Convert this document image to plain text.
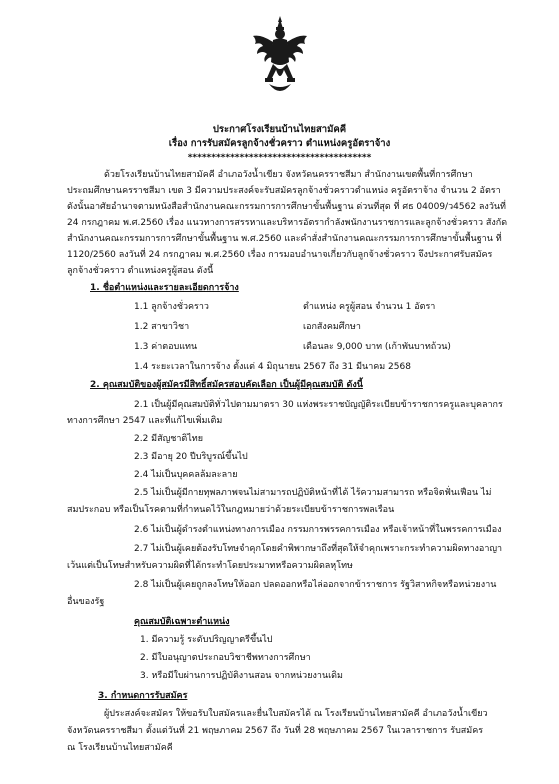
ประกาศโรงเรียนบ้านไทยสามัคคี
เรื่อง การรับสมัครลูกจ้างชั่วคราว ตำแหน่งครูอัตราจ้าง
***************************************
ด้วยโรงเรียนบ้านไทยสามัคคี อำเภอวังน้ำเขียว จังหวัดนครราชสีมา สำนักงานเขตพื้นที่การศึกษา
ประถมศึกษานครราชสีมา เขต 3 มีความประสงค์จะรับสมัครลูกจ้างชั่วคราวตำแหน่ง ครูอัตราจ้าง จำนวน 2 อัตรา
ดังนั้นอาศัยอำนาจตามหนังสือสำนักงานคณะกรรมการการศึกษาขั้นพื้นฐาน ด่วนที่สุด ที่ ศธ 04009/ว4562 ลงวันที่
24 กรกฎาคม พ.ศ.2560 เรื่อง แนวทางการสรรหาและบริหารอัตรากำลังพนักงานราชการและลูกจ้างชั่วคราว สังกัด
สำนักงานคณะกรรมการการศึกษาขั้นพื้นฐาน พ.ศ.2560 และคำสั่งสำนักงานคณะกรรมการการศึกษาขั้นพื้นฐาน ที่
1120/2560 ลงวันที่ 24 กรกฎาคม พ.ศ.2560 เรื่อง การมอบอำนาจเกี่ยวกับลูกจ้างชั่วคราว จึงประกาศรับสมัคร
ลูกจ้างชั่วคราว ตำแหน่งครูผู้สอน ดังนี้
1. ชื่อตำแหน่งและรายละเอียดการจ้าง
1.1 ลูกจ้างชั่วคราว	ตำแหน่ง ครูผู้สอน จำนวน 1 อัตรา
1.2 สาขาวิชา	เอกสังคมศึกษา
1.3 ค่าตอบแทน	เดือนละ 9,000 บาท (เก้าพันบาทถ้วน)
1.4 ระยะเวลาในการจ้าง ตั้งแต่ 4 มิถุนายน 2567 ถึง 31 มีนาคม 2568
2. คุณสมบัติของผู้สมัครมีสิทธิ์สมัครสอบคัดเลือก เป็นผู้มีคุณสมบัติ ดังนี้
2.1 เป็นผู้มีคุณสมบัติทั่วไปตามมาตรา 30 แห่งพระราชบัญญัติระเบียบข้าราชการครูและบุคลากร
ทางการศึกษา 2547 และที่แก้ไขเพิ่มเติม
2.2 มีสัญชาติไทย
2.3 มีอายุ 20 ปีบริบูรณ์ขึ้นไป
2.4 ไม่เป็นบุคคลล้มละลาย
2.5 ไม่เป็นผู้มีกายทุพลภาพจนไม่สามารถปฏิบัติหน้าที่ได้ ไร้ความสามารถ หรือจิตฟั่นเฟือน ไม่
สมประกอบ หรือเป็นโรคตามที่กำหนดไว้ในกฎหมายว่าด้วยระเบียบข้าราชการพลเรือน
2.6 ไม่เป็นผู้ดำรงตำแหน่งทางการเมือง กรรมการพรรคการเมือง หรือเจ้าหน้าที่ในพรรคการเมือง
2.7 ไม่เป็นผู้เคยต้องรับโทษจำคุกโดยคำพิพากษาถึงที่สุดให้จำคุกเพราะกระทำความผิดทางอาญา
เว้นแต่เป็นโทษสำหรับความผิดที่ได้กระทำโดยประมาทหรือความผิดลหุโทษ
2.8 ไม่เป็นผู้เคยถูกลงโทษให้ออก ปลดออกหรือไล่ออกจากข้าราชการ รัฐวิสาหกิจหรือหน่วยงาน
อื่นของรัฐ
คุณสมบัติเฉพาะตำแหน่ง
1. มีความรู้ ระดับปริญญาตรีขึ้นไป
2. มีใบอนุญาตประกอบวิชาชีพทางการศึกษา
3. หรือมีใบผ่านการปฏิบัติงานสอน จากหน่วยงานเดิม
3. กำหนดการรับสมัคร
ผู้ประสงค์จะสมัคร ให้ขอรับใบสมัครและยื่นใบสมัครได้ ณ โรงเรียนบ้านไทยสามัคคี อำเภอวังน้ำเขียว
จังหวัดนครราชสีมา ตั้งแต่วันที่ 21 พฤษภาคม 2567 ถึง วันที่ 28 พฤษภาคม 2567 ในเวลาราชการ รับสมัคร
ณ โรงเรียนบ้านไทยสามัคคี
